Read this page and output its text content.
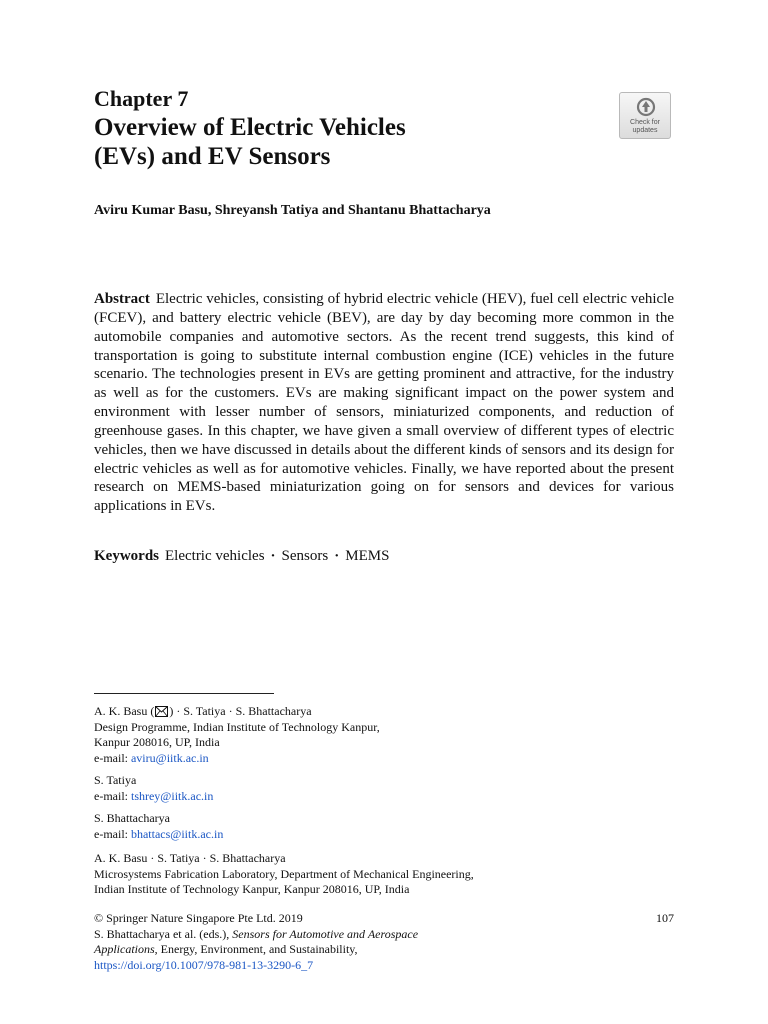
Chapter 7
Overview of Electric Vehicles
(EVs) and EV Sensors
Check for
updates
Aviru Kumar Basu, Shreyansh Tatiya and Shantanu Bhattacharya
Abstract Electric vehicles, consisting of hybrid electric vehicle (HEV), fuel cell electric vehicle (FCEV), and battery electric vehicle (BEV), are day by day becoming more common in the automobile companies and automotive sectors. As the recent trend suggests, this kind of transportation is going to substitute internal combustion engine (ICE) vehicles in the future scenario. The technologies present in EVs are getting prominent and attractive, for the industry as well as for the customers. EVs are making significant impact on the power system and environment with lesser number of sensors, miniaturized components, and reduction of greenhouse gases. In this chapter, we have given a small overview of different types of electric vehicles, then we have discussed in details about the different kinds of sensors and its design for electric vehicles as well as for automotive vehicles. Finally, we have reported about the present research on MEMS-based miniaturization going on for sensors and devices for various applications in EVs.
Keywords Electric vehicles · Sensors · MEMS
A. K. Basu ( ) · S. Tatiya · S. Bhattacharya
Design Programme, Indian Institute of Technology Kanpur,
Kanpur 208016, UP, India
e-mail: aviru@iitk.ac.in
S. Tatiya
e-mail: tshrey@iitk.ac.in
S. Bhattacharya
e-mail: bhattacs@iitk.ac.in
A. K. Basu · S. Tatiya · S. Bhattacharya
Microsystems Fabrication Laboratory, Department of Mechanical Engineering,
Indian Institute of Technology Kanpur, Kanpur 208016, UP, India
© Springer Nature Singapore Pte Ltd. 2019	107
S. Bhattacharya et al. (eds.), Sensors for Automotive and Aerospace
Applications, Energy, Environment, and Sustainability,
https://doi.org/10.1007/978-981-13-3290-6_7
